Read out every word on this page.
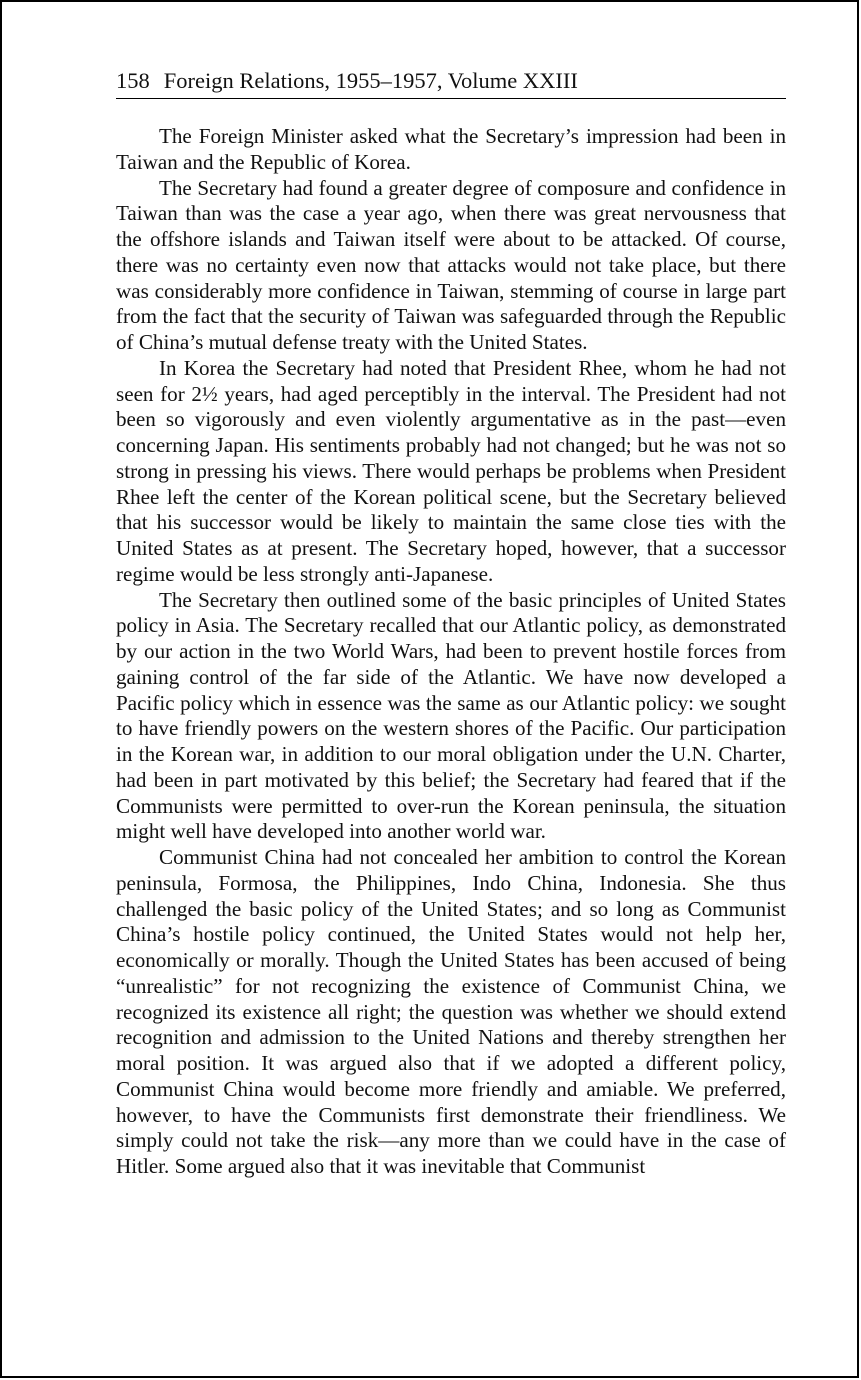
158 Foreign Relations, 1955–1957, Volume XXIII

The Foreign Minister asked what the Secretary’s impression had been in Taiwan and the Republic of Korea.

The Secretary had found a greater degree of composure and confidence in Taiwan than was the case a year ago, when there was great nervousness that the offshore islands and Taiwan itself were about to be attacked. Of course, there was no certainty even now that attacks would not take place, but there was considerably more confidence in Taiwan, stemming of course in large part from the fact that the security of Taiwan was safeguarded through the Republic of China’s mutual defense treaty with the United States.

In Korea the Secretary had noted that President Rhee, whom he had not seen for 2½ years, had aged perceptibly in the interval. The President had not been so vigorously and even violently argumentative as in the past—even concerning Japan. His sentiments probably had not changed; but he was not so strong in pressing his views. There would perhaps be problems when President Rhee left the center of the Korean political scene, but the Secretary believed that his successor would be likely to maintain the same close ties with the United States as at present. The Secretary hoped, however, that a successor regime would be less strongly anti-Japanese.

The Secretary then outlined some of the basic principles of United States policy in Asia. The Secretary recalled that our Atlantic policy, as demonstrated by our action in the two World Wars, had been to prevent hostile forces from gaining control of the far side of the Atlantic. We have now developed a Pacific policy which in essence was the same as our Atlantic policy: we sought to have friendly powers on the western shores of the Pacific. Our participation in the Korean war, in addition to our moral obligation under the U.N. Charter, had been in part motivated by this belief; the Secretary had feared that if the Communists were permitted to over-run the Korean peninsula, the situation might well have developed into another world war.

Communist China had not concealed her ambition to control the Korean peninsula, Formosa, the Philippines, Indo China, Indonesia. She thus challenged the basic policy of the United States; and so long as Communist China’s hostile policy continued, the United States would not help her, economically or morally. Though the United States has been accused of being “unrealistic” for not recognizing the existence of Communist China, we recognized its existence all right; the question was whether we should extend recognition and admission to the United Nations and thereby strengthen her moral position. It was argued also that if we adopted a different policy, Communist China would become more friendly and amiable. We preferred, however, to have the Communists first demonstrate their friendliness. We simply could not take the risk—any more than we could have in the case of Hitler. Some argued also that it was inevitable that Communist
